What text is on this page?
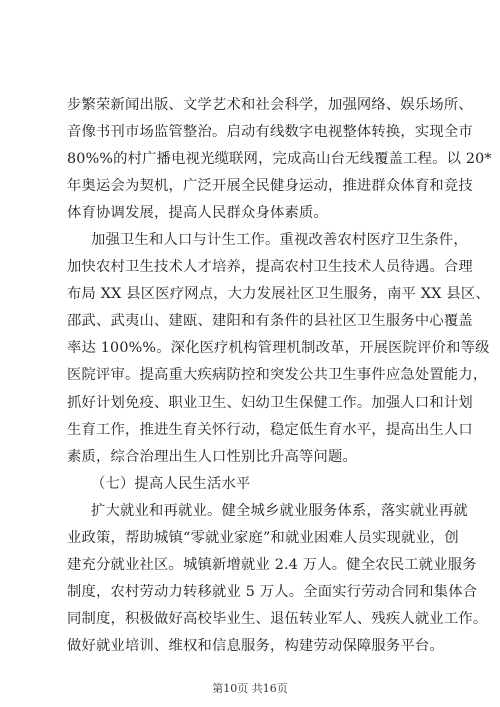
步繁荣新闻出版、文学艺术和社会科学，加强网络、娱乐场所、
音像书刊市场监管整治。启动有线数字电视整体转换，实现全市
80%%的村广播电视光缆联网，完成高山台无线覆盖工程。以 20*
年奥运会为契机，广泛开展全民健身运动，推进群众体育和竞技
体育协调发展，提高人民群众身体素质。
加强卫生和人口与计生工作。重视改善农村医疗卫生条件，
加快农村卫生技术人才培养，提高农村卫生技术人员待遇。合理
布局 XX 县区医疗网点，大力发展社区卫生服务，南平 XX 县区、
邵武、武夷山、建瓯、建阳和有条件的县社区卫生服务中心覆盖
率达 100%%。深化医疗机构管理机制改革，开展医院评价和等级
医院评审。提高重大疾病防控和突发公共卫生事件应急处置能力，
抓好计划免疫、职业卫生、妇幼卫生保健工作。加强人口和计划
生育工作，推进生育关怀行动，稳定低生育水平，提高出生人口
素质，综合治理出生人口性别比升高等问题。
（七）提高人民生活水平
扩大就业和再就业。健全城乡就业服务体系，落实就业再就
业政策，帮助城镇“零就业家庭”和就业困难人员实现就业，创
建充分就业社区。城镇新增就业 2.4 万人。健全农民工就业服务
制度，农村劳动力转移就业 5 万人。全面实行劳动合同和集体合
同制度，积极做好高校毕业生、退伍转业军人、残疾人就业工作。
做好就业培训、维权和信息服务，构建劳动保障服务平台。
第10页 共16页
